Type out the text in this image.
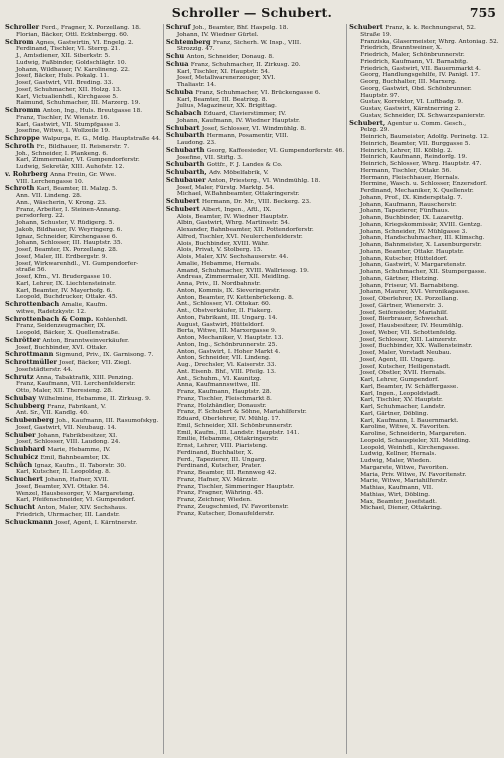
Schroller — Schubert.	755
Schroller Ferd., Fragner, X. Porzellang. 18.
Florian, Bäcker, Ottl. Ecktnbergg. 60.
Schrom Agnes, Gastwirtin, VI. Engelg. 2.
Ferdinand, Tischler, VI. Sterrg. 21.
J., Amtsdiener, XII. Siberkstr. 5.
Ludwig, Faßbinder, Goldschlägtr. 10.
Johann, Wildhauer, IV. Karolineng. 22.
Josef, Bäcker, Huls. Pokalg. 11.
Josef, Gastwirt, VII. Breding. 33.
Josef, Schuhmacher, XII. Holzg. 13.
Karl, Victualienhdl., Kirchgasse 5.
Raimund, Schuhmacher, III. Marzerg. 19.
Schromm Anton, Ing., Huls. Breutgasse 18.
Franz, Tischler, IV. Wienstr. 16.
Karl, Gastwirt, VII. Stumpfgasse 3.
Josefine, Witwe, I. Wollzeile 19.
Schroppe Walpurga, E. G., Mdlg. Hauptstraße 44.
Schroth Fr., Bildhauer, II. Reisnerstr. 7.
Joh., Schneider, I. Plankeng. 6.
Karl, Zimmermaler, VI. Gumpendorferstr.
Ludwig, Sekretär, XIII. Auhofstr. 12.
v. Rohrberg Anna Freiin, Gr. Wwe.
VIII. Lerchengasse 10.
Schroth Karl, Beamter, II. Malzg. 5.
Ann. VII. Lindeng. 28.
Ann., Wäscherin, V. Krong. 23.
Franz, Arbeiter, I. Steinen-Annang.
persdorferg. 22.
Johann, Schuster, V. Rüdigerg. 5.
Jakob, Bildhauer, IV. Weyringerg. 6.
Ignaz, Schneider, Kirchengasse 6.
Johann, Schlosser, III. Hauptstr. 35.
Josef, Beamter, IX. Porzellang. 28.
Josef, Maler, III. Erdbergstr. 9.
Josef, Wirkwarenhdl., VI. Gumpendorfer-
straße 56.
Josef, Kfm., VI. Brudergasse 10.
Karl, Lehrer, IX. Liechtensteinstr.
Karl, Beamter, IV. Mayerhofg. 6.
Leopold, Buchdrucker, Ottakr. 45.
Schrottenbach Amalie, Kaufm.
witwe, Radetzkystr. 12.
Schrottenbach & Comp. Kohlenhdl.
Franz, Seidenzeugmacher, IX.
Leopold, Bäcker, X. Quellenstraße.
Schrötter Anton, Branntweinverkäufer.
Josef, Buchbinder, XVI. Ottakr.
Schrottmann Sigmund, Priv., IX. Garnisong. 7.
Schrottmüller Josef, Bäcker, VII. Ziegl.
Josefstädterstr. 44.
Schrutz Anna, Tabaktrafik, XIII. Penzing.
Franz, Kaufmann, VII. Lerchenfelderstr.
Otto, Maler, XII. Theresieng. 28.
Schubay Wilhelmine, Hebamme, II. Zirkusg. 9.
Schubberg Franz, Fabrikant, V.
Ant. Sr., VII. Kandlg. 40.
Schubenberg Joh., Kaufmann, III. Rasumofskyg.
Josef, Gastwirt, VII. Neubaug. 14.
Schuber Johann, Fabrikbesitzer, XI.
Josef, Schlosser, VIII. Laudong. 24.
Schubhard Marie, Hebamme, IV.
Schubicz Emil, Bahnbeamter, IX.
Schüch Ignaz, Kaufm., II. Taborstr. 30.
Karl, Kutscher, II. Leopoldsg. 8.
Schuchert Johann, Hafner, XVII.
Josef, Beamter, XVI. Ottakr. 54.
Wenzel, Hausbesorger, V. Margareteng.
Karl, Pfeifenschneider, VI. Gumpendorf.
Schucht Anton, Maler, XIV. Sechshaus.
Friedrich, Uhrmacher, III. Landstr.
Schuckmann Josef, Agent, I. Kärntnerstr.
Schruf Joh., Beamter, Bhf. Haspelg. 18.
Johann, IV. Wiedner Gürtel.
Schtemberg Franz, Sicherh. W. Insp., VIII.
Strozzig. 47.
Schu Anton, Schneider, Donaug. 8.
Schua Franz, Schuhmacher, II. Zirkusg. 20.
Karl, Tischler, XI. Hauptstr. 54.
Josef, Metallwarenerzeuger, XVI.
Thaliastr. 14.
Schuba Franz, Schuhmacher, VI. Brückengasse 6.
Karl, Beamter, III. Beatrixg. 8.
Julius, Magazineur, XX. Brigittag.
Schabach Eduard, Clavierstimmer, IV.
Johann, Kaufmann, IV. Wiedner Hauptstr.
Schubart Josef, Schlosser, VI. Windmühlg. 8.
Schubarth Hermann, Posamentir, VIII.
Laudong. 23.
Schubarth Georg, Kaffeesieder, VI. Gumpendorferstr. 46.
Josefine, VII. Stiftg. 3.
Schubarth Gottfr., F. J. Landes & Co.
Schubarth, Adv. Möbelfabrik, V.
Schubauer Anton, Priesterg., VI. Windmühlg. 18.
Josef, Maler, Fürstg. Marktg. 54.
Michael, W.Bahnbeamter, Ottakringerstr.
Schubert Hermann, Dr. Mr., VIII. Beckerg. 23.
Schubert Albert, Ingen., Aftl., IX.
Alois, Beamter, IV. Wiedner Hauptstr.
Albin, Gastwirt, Whrg. Martinsstr. 54.
Alexander, Bahnbeamter, XII. Pottendorferstr.
Alfred, Tischler, XVI. Neulerchenfelderstr.
Alois, Buchbinder, XVIII. Währ.
Alois, Privat, V. Stolberg. 15.
Alois, Maler, XIV. Sechshauserstr. 44.
Amalie, Hebamme, Hernals.
Amand, Schuhmacher, XVIII. Wallriessg. 19.
Andreas, Zimmermaler, XII. Meidling.
Anna, Priv., II. Nordbahnstr.
Anton, Kommis, IX. Sieveringerstr.
Anton, Beamter, IV. Kettenbrückeng. 8.
Ant., Schlosser, VI. Ottokar. 60.
Ant., Obstverkäufer, II. Fiakerg.
Anton, Fabrikant, III. Ungarg. 14.
August, Gastwirt, Hütteldorf.
Berta, Witwe, III. Marxergasse 9.
Anton, Mechaniker, V. Hauptstr. 13.
Anton, Ing., Schönbrunnerstr. 25.
Anton, Gastwirt, I. Hoher Markt 4.
Anton, Schneider, VII. Lindeng.
Aug., Drechsler, Vl. Kaiserstr. 33.
Ant. Eisenb. Bhf., VIII. Pfeilg. 13.
Ant., Schuhm., VI. Kaunitzg.
Anna, Kaufmannswitwe, III.
Franz, Kaufmann, Hauptstr. 28.
Franz, Tischler, Fleischmarkt 8.
Franz, Holzhändler, Donaustr.
Franz, F. Schubert & Söhne, Mariahilferstr.
Eduard, Oberlehrer, IV. Mühlg. 17.
Emil, Schneider, XII. Schönbrunnerstr.
Emil, Kaufm., III. Landstr. Hauptstr. 141.
Emilie, Hebamme, Ottakringerstr.
Ernst, Lehrer, VIII. Piaristeng.
Ferdinand, Buchhalter, X.
Ferd., Tapezierer, III. Ungarg.
Ferdinand, Kutscher, Prater.
Franz, Beamter, III. Rennweg 42.
Franz, Hafner, XV. Märzstr.
Franz, Tischler, Simmeringer Hauptstr.
Franz, Fragner, Währing. 45.
Franz, Zeichner, Wieden.
Franz, Zeugschmied, IV. Favoritenstr.
Franz, Kutscher, Donaufelderstr.
Schubert Franz, k. k. Rechnungsrat, 52.
Straße 19.
Franziska, Glasermeister, Whrg. Antoniag. 52.
Friedrich, Branntweiner, X.
Friedrich, Maler, Schönbrunnerstr.
Friedrich, Kaufmann, VI. Barnabitg.
Friedrich, Gastwirt, VII. Bauernmarkt 4.
Georg, Handlungsgehilfe, IV. Panigl. 17.
Georg, Buchhalter, III. Marxerg.
Georg, Gastwirt, Obd. Schönbrunner.
Hauptstr. 97.
Gustav, Korrektor, VI. Luftbadg. 9.
Gustav, Gastwirt, Kärntnerring 2.
Gustav, Schneider, IX. Schwarzspanierstr.
Schubert, Agentur u. Comm. Gesch.,
Pelzg. 29.
Heinrich, Baumeister, Adolfg. Perinetg. 12.
Heinrich, Beamter, VII. Burggasse 5.
Heinrich, Lehrer, III. Kölblg. 2.
Heinrich, Kaufmann, Reindorfg. 19.
Heinrich, Schlosser, Whrg. Hauptstr. 47.
Hermann, Tischler, Ottakr. 56.
Hermann, Fleischhauer, Hernals.
Hermine, Wasch. u. Schlosser, Enzersdorf.
Ferdinand, Mechaniker, X. Quellenstr.
Johann, Prof., IX. Kinderspitalg. 7.
Johann, Kaufmann, Rauscherstr.
Johann, Tapezierer, Fünfhaus.
Johann, Buchbinder, IX. Lazarettg.
Johann, Kriegskommissär, XVIII. Gentzg.
Johann, Schneider, IV. Mühlgasse 3.
Johann, Handschuhmacher, III. Klimschg.
Johann, Bahnmeister, X. Laxenburgerstr.
Johann, Beamter, Ottakr. Hauptstr.
Johann, Kutscher, Hütteldorf.
Johann, Gastwirt, V. Margaretenstr.
Johann, Schuhmacher, XII. Stumpergasse.
Johann, Gärtner, Hietzing.
Johann, Friseur, VI. Barnabiteng.
Johann, Maurer, XVI. Veronikagasse.
Josef, Oberlehrer, IX. Porzellang.
Josef, Gärtner, Wienerstr. 3.
Josef, Seifensieder, Mariahilf.
Josef, Bierbrauer, Schwechat.
Josef, Hausbesitzer, IV. Heumühlg.
Josef, Weber, VII. Schottenfeldg.
Josef, Schlosser, XIII. Lainzerstr.
Josef, Buchbinder, XX. Wallensteinstr.
Josef, Maler, Vorstadt Neubau.
Josef, Agent, III. Ungarg.
Josef, Kutscher, Heiligenstadt.
Josef, Obstler, XVII. Hernals.
Karl, Lehrer, Gumpendorf.
Karl, Beamter, IV. Schäffergasse.
Karl, Ingen., Leopoldstadt.
Karl, Tischler, XV. Hauptstr.
Karl, Schuhmacher, Landstr.
Karl, Gärtner, Döbling.
Karl, Kaufmann, I. Bauernmarkt.
Karoline, Witwe, X. Favoriten.
Karoline, Schneiderin, Margareten.
Leopold, Schauspieler, XII. Meidling.
Leopold, Weinhdl., Kirchengasse.
Ludwig, Kellner, Hernals.
Ludwig, Maler, Wieden.
Margarete, Witwe, Favoriten.
Maria, Priv. Witwe, IV. Favoritenstr.
Marie, Witwe, Mariahilferstr.
Mathias, Kaufmann, VII.
Mathias, Wirt, Döbling.
Max, Beamter, Josefstadt.
Michael, Diener, Ottakring.
